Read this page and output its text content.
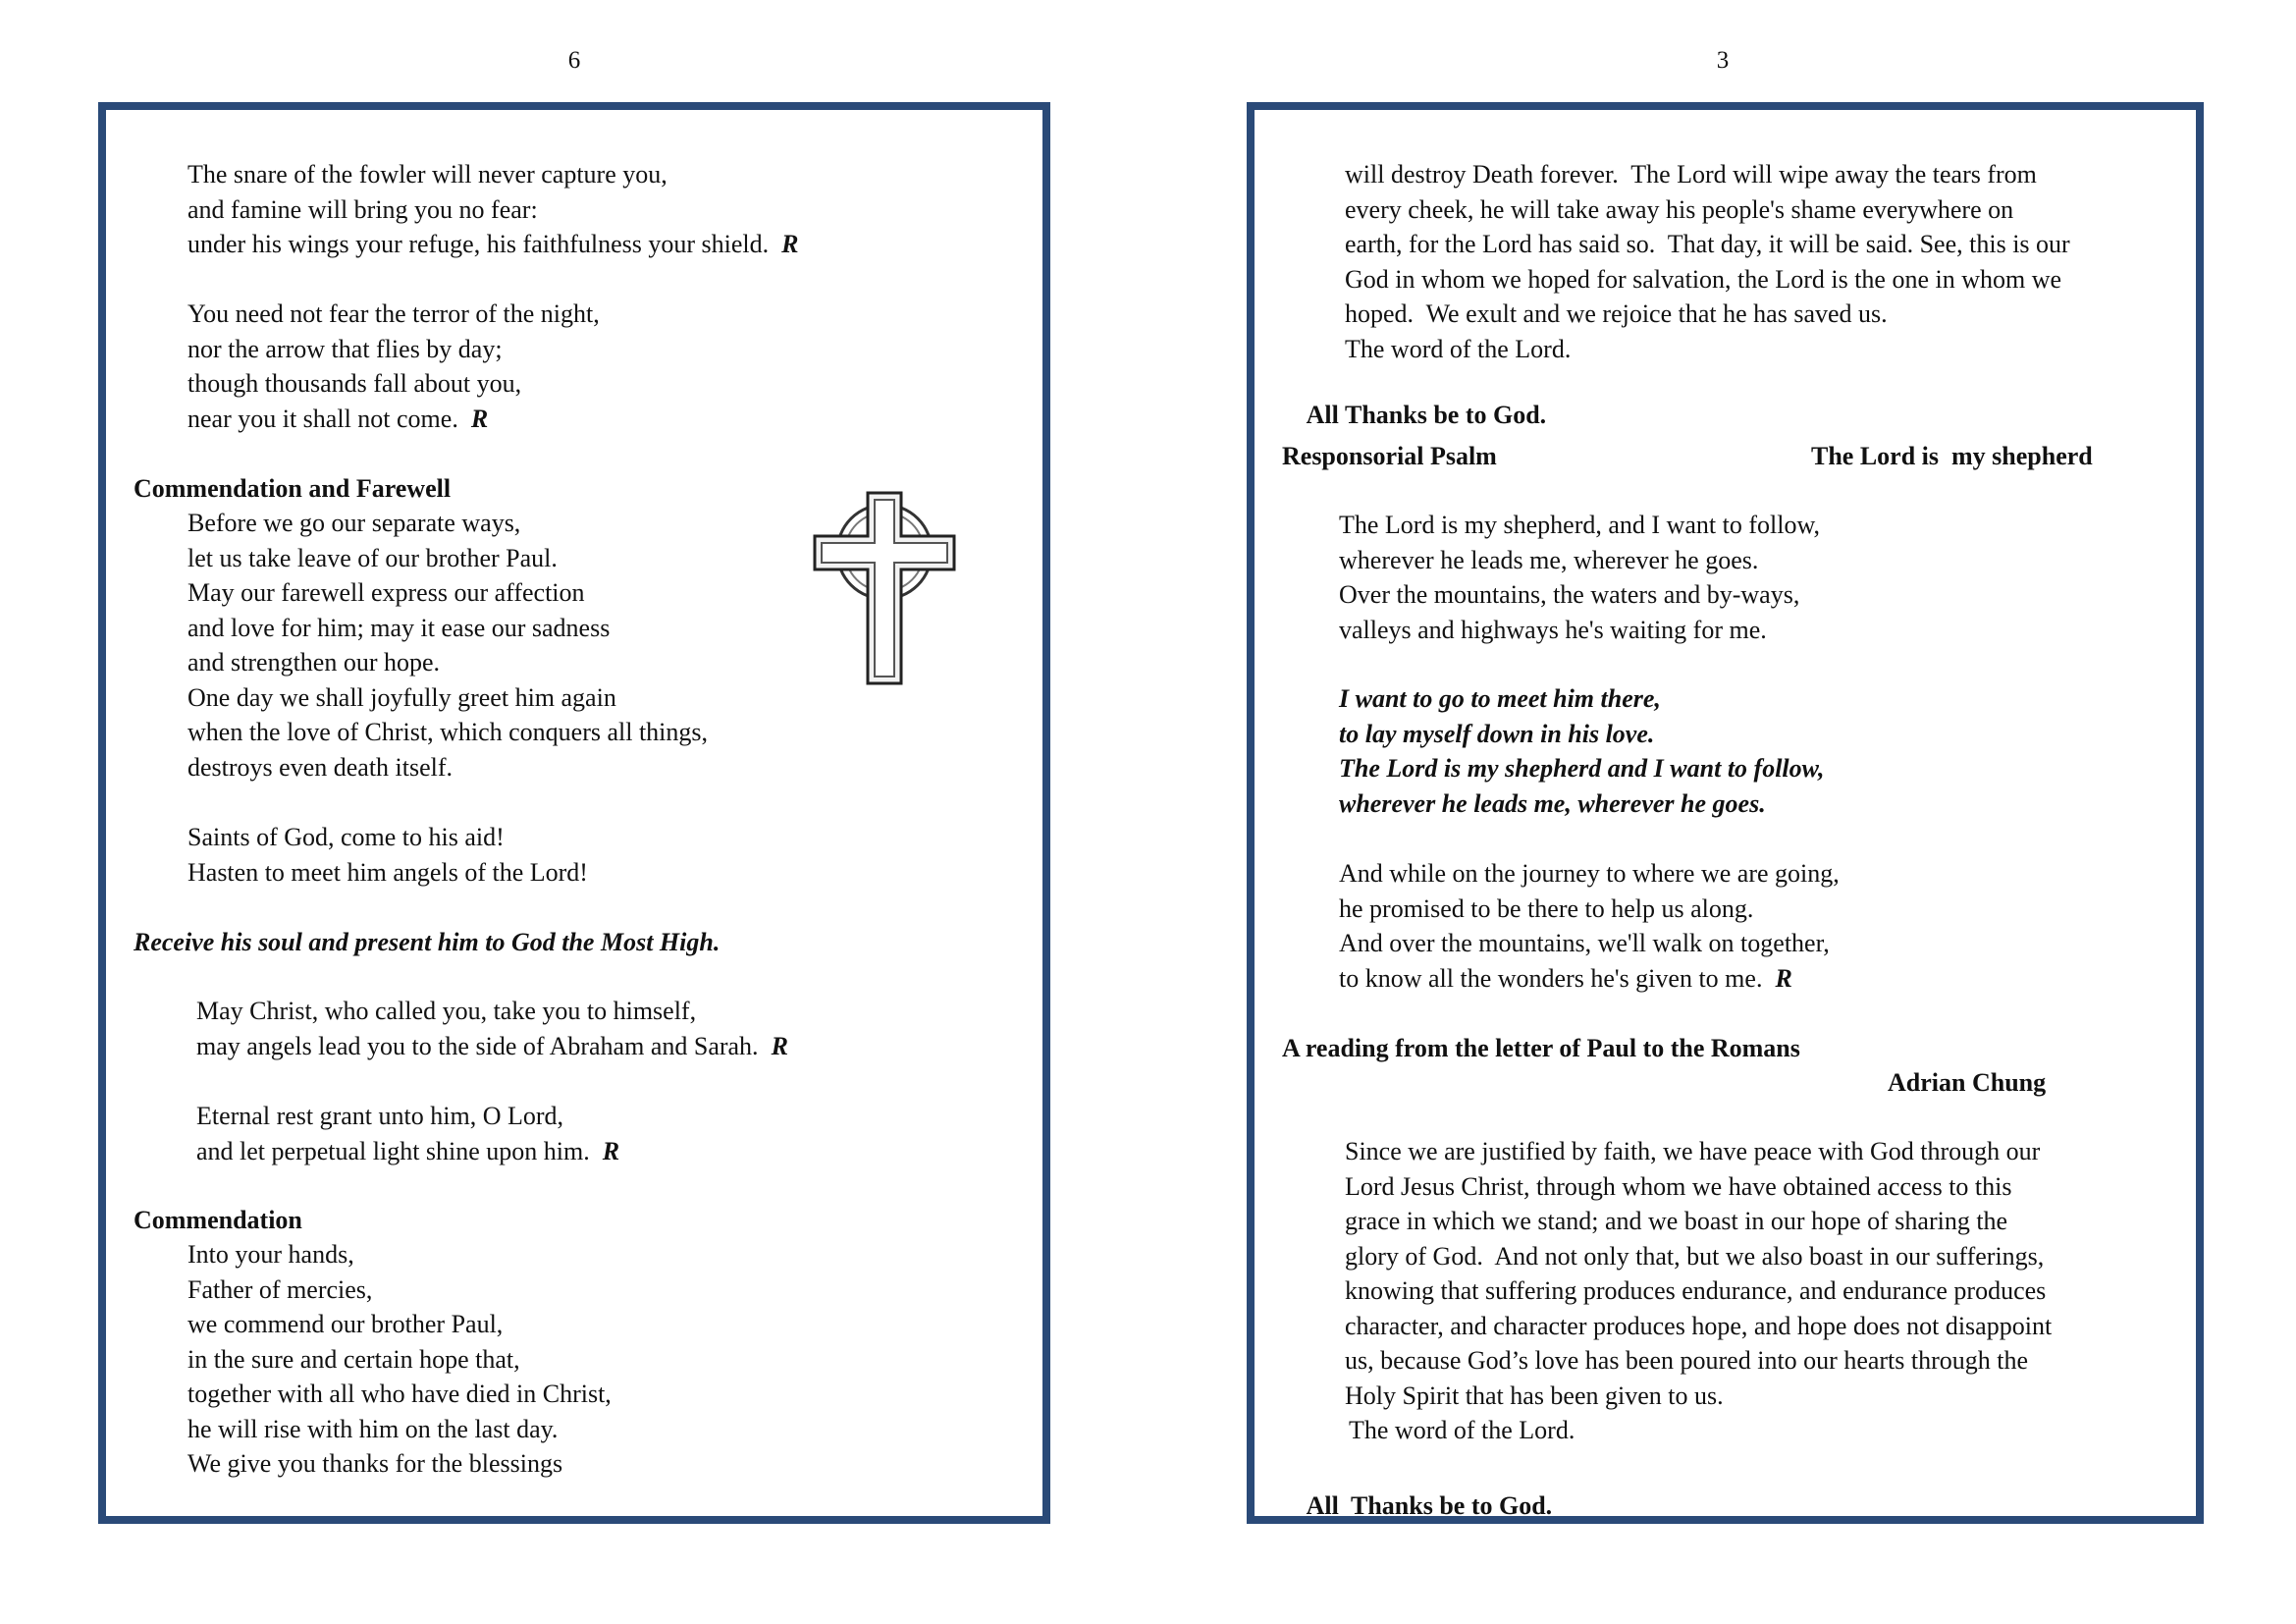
6	3
The snare of the fowler will never capture you,
and famine will bring you no fear:
under his wings your refuge, his faithfulness your shield. R
You need not fear the terror of the night,
nor the arrow that flies by day;
though thousands fall about you,
near you it shall not come. R
Commendation and Farewell
Before we go our separate ways,
let us take leave of our brother Paul.
May our farewell express our affection
and love for him; may it ease our sadness
and strengthen our hope.
One day we shall joyfully greet him again
when the love of Christ, which conquers all things,
destroys even death itself.
Saints of God, come to his aid!
Hasten to meet him angels of the Lord!
Receive his soul and present him to God the Most High.
May Christ, who called you, take you to himself,
may angels lead you to the side of Abraham and Sarah. R
Eternal rest grant unto him, O Lord,
and let perpetual light shine upon him. R
Commendation
Into your hands,
Father of mercies,
we commend our brother Paul,
in the sure and certain hope that,
together with all who have died in Christ,
he will rise with him on the last day.
We give you thanks for the blessings
will destroy Death forever.  The Lord will wipe away the tears from
every cheek, he will take away his people's shame everywhere on
earth, for the Lord has said so.  That day, it will be said. See, this is our
God in whom we hoped for salvation, the Lord is the one in whom we
hoped.  We exult and we rejoice that he has saved us.
The word of the Lord.

All Thanks be to God.

Responsorial Psalm	The Lord is  my shepherd
The Lord is my shepherd, and I want to follow,
wherever he leads me, wherever he goes.
Over the mountains, the waters and by-ways,
valleys and highways he's waiting for me.
I want to go to meet him there,
to lay myself down in his love.
The Lord is my shepherd and I want to follow,
wherever he leads me, wherever he goes.
And while on the journey to where we are going,
he promised to be there to help us along.
And over the mountains, we'll walk on together,
to know all the wonders he's given to me. R
A reading from the letter of Paul to the Romans
Adrian Chung
Since we are justified by faith, we have peace with God through our
Lord Jesus Christ, through whom we have obtained access to this
grace in which we stand; and we boast in our hope of sharing the
glory of God.  And not only that, but we also boast in our sufferings,
knowing that suffering produces endurance, and endurance produces
character, and character produces hope, and hope does not disappoint
us, because God’s love has been poured into our hearts through the
Holy Spirit that has been given to us.
The word of the Lord.

All Thanks be to God.
